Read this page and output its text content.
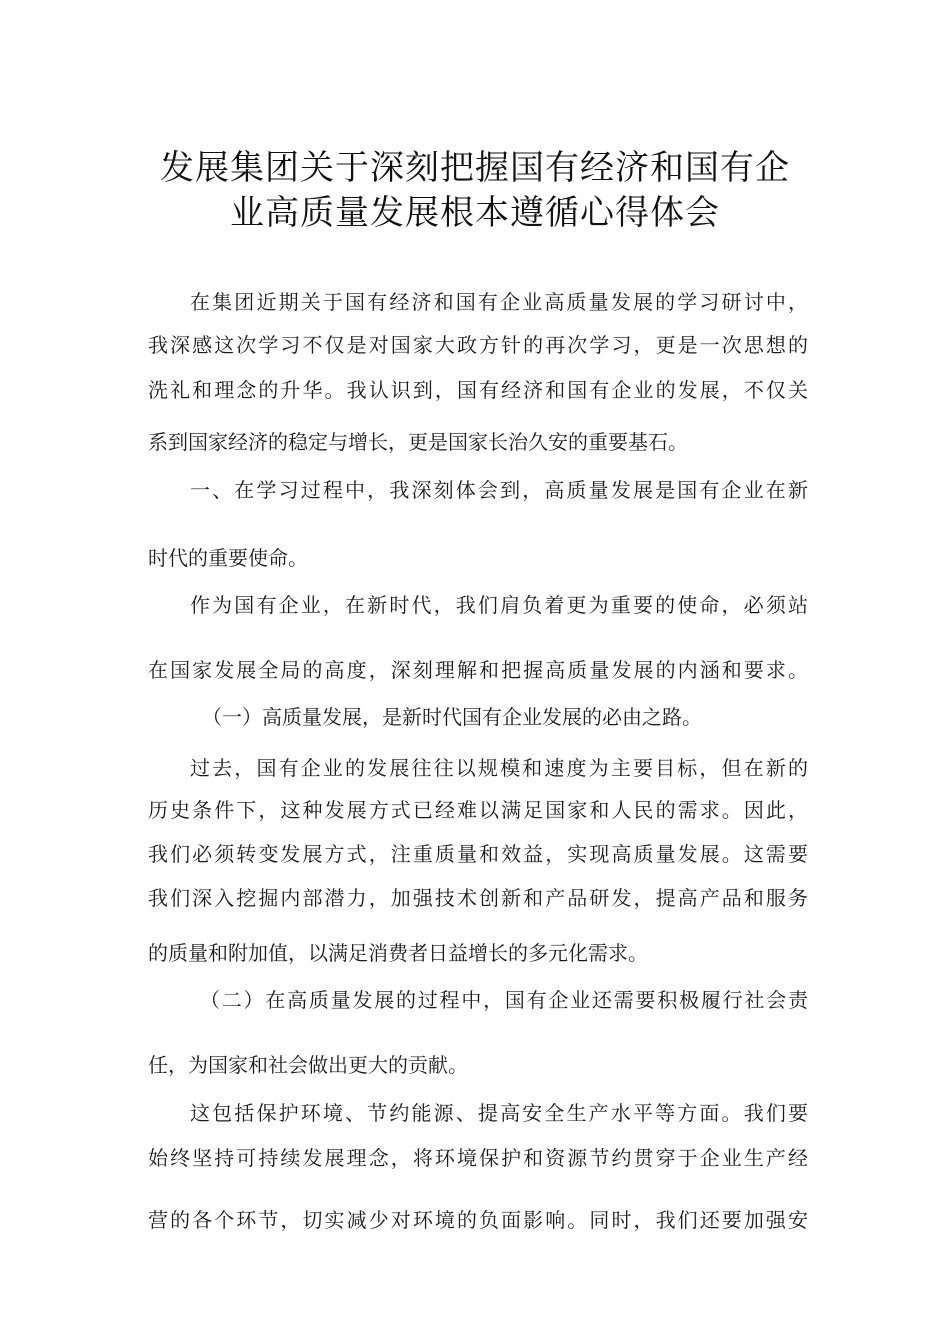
发展集团关于深刻把握国有经济和国有企
业高质量发展根本遵循心得体会
在集团近期关于国有经济和国有企业高质量发展的学习研讨中，
我深感这次学习不仅是对国家大政方针的再次学习，更是一次思想的
洗礼和理念的升华。我认识到，国有经济和国有企业的发展，不仅关
系到国家经济的稳定与增长，更是国家长治久安的重要基石。
一、在学习过程中，我深刻体会到，高质量发展是国有企业在新
时代的重要使命。
作为国有企业，在新时代，我们肩负着更为重要的使命，必须站
在国家发展全局的高度，深刻理解和把握高质量发展的内涵和要求。
（一）高质量发展，是新时代国有企业发展的必由之路。
过去，国有企业的发展往往以规模和速度为主要目标，但在新的
历史条件下，这种发展方式已经难以满足国家和人民的需求。因此，
我们必须转变发展方式，注重质量和效益，实现高质量发展。这需要
我们深入挖掘内部潜力，加强技术创新和产品研发，提高产品和服务
的质量和附加值，以满足消费者日益增长的多元化需求。
（二）在高质量发展的过程中，国有企业还需要积极履行社会责
任，为国家和社会做出更大的贡献。
这包括保护环境、节约能源、提高安全生产水平等方面。我们要
始终坚持可持续发展理念，将环境保护和资源节约贯穿于企业生产经
营的各个环节，切实减少对环境的负面影响。同时，我们还要加强安
